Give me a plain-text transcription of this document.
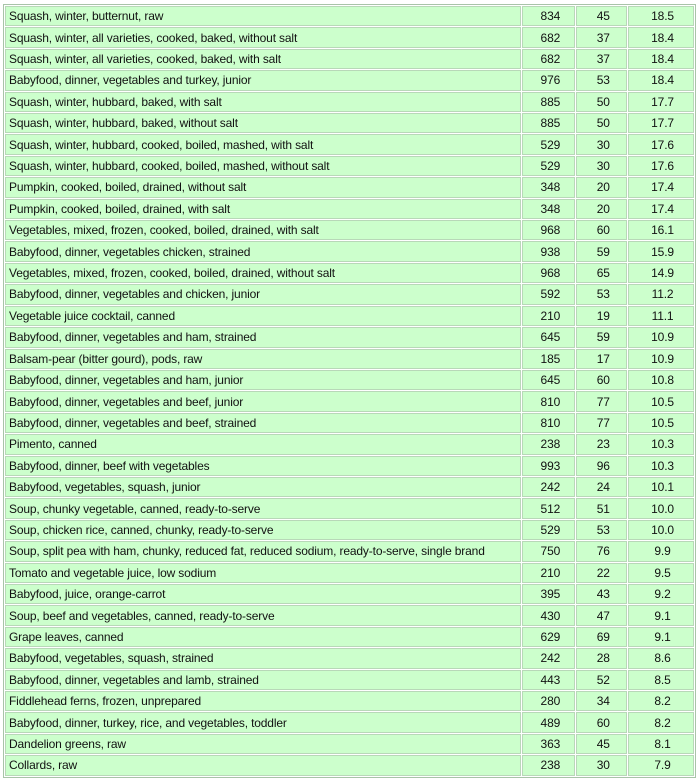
Squash, winter, butternut, raw	834	45	18.5
Squash, winter, all varieties, cooked, baked, without salt	682	37	18.4
Squash, winter, all varieties, cooked, baked, with salt	682	37	18.4
Babyfood, dinner, vegetables and turkey, junior	976	53	18.4
Squash, winter, hubbard, baked, with salt	885	50	17.7
Squash, winter, hubbard, baked, without salt	885	50	17.7
Squash, winter, hubbard, cooked, boiled, mashed, with salt	529	30	17.6
Squash, winter, hubbard, cooked, boiled, mashed, without salt	529	30	17.6
Pumpkin, cooked, boiled, drained, without salt	348	20	17.4
Pumpkin, cooked, boiled, drained, with salt	348	20	17.4
Vegetables, mixed, frozen, cooked, boiled, drained, with salt	968	60	16.1
Babyfood, dinner, vegetables chicken, strained	938	59	15.9
Vegetables, mixed, frozen, cooked, boiled, drained, without salt	968	65	14.9
Babyfood, dinner, vegetables and chicken, junior	592	53	11.2
Vegetable juice cocktail, canned	210	19	11.1
Babyfood, dinner, vegetables and ham, strained	645	59	10.9
Balsam-pear (bitter gourd), pods, raw	185	17	10.9
Babyfood, dinner, vegetables and ham, junior	645	60	10.8
Babyfood, dinner, vegetables and beef, junior	810	77	10.5
Babyfood, dinner, vegetables and beef, strained	810	77	10.5
Pimento, canned	238	23	10.3
Babyfood, dinner, beef with vegetables	993	96	10.3
Babyfood, vegetables, squash, junior	242	24	10.1
Soup, chunky vegetable, canned, ready-to-serve	512	51	10.0
Soup, chicken rice, canned, chunky, ready-to-serve	529	53	10.0
Soup, split pea with ham, chunky, reduced fat, reduced sodium, ready-to-serve, single brand	750	76	9.9
Tomato and vegetable juice, low sodium	210	22	9.5
Babyfood, juice, orange-carrot	395	43	9.2
Soup, beef and vegetables, canned, ready-to-serve	430	47	9.1
Grape leaves, canned	629	69	9.1
Babyfood, vegetables, squash, strained	242	28	8.6
Babyfood, dinner, vegetables and lamb, strained	443	52	8.5
Fiddlehead ferns, frozen, unprepared	280	34	8.2
Babyfood, dinner, turkey, rice, and vegetables, toddler	489	60	8.2
Dandelion greens, raw	363	45	8.1
Collards, raw	238	30	7.9
